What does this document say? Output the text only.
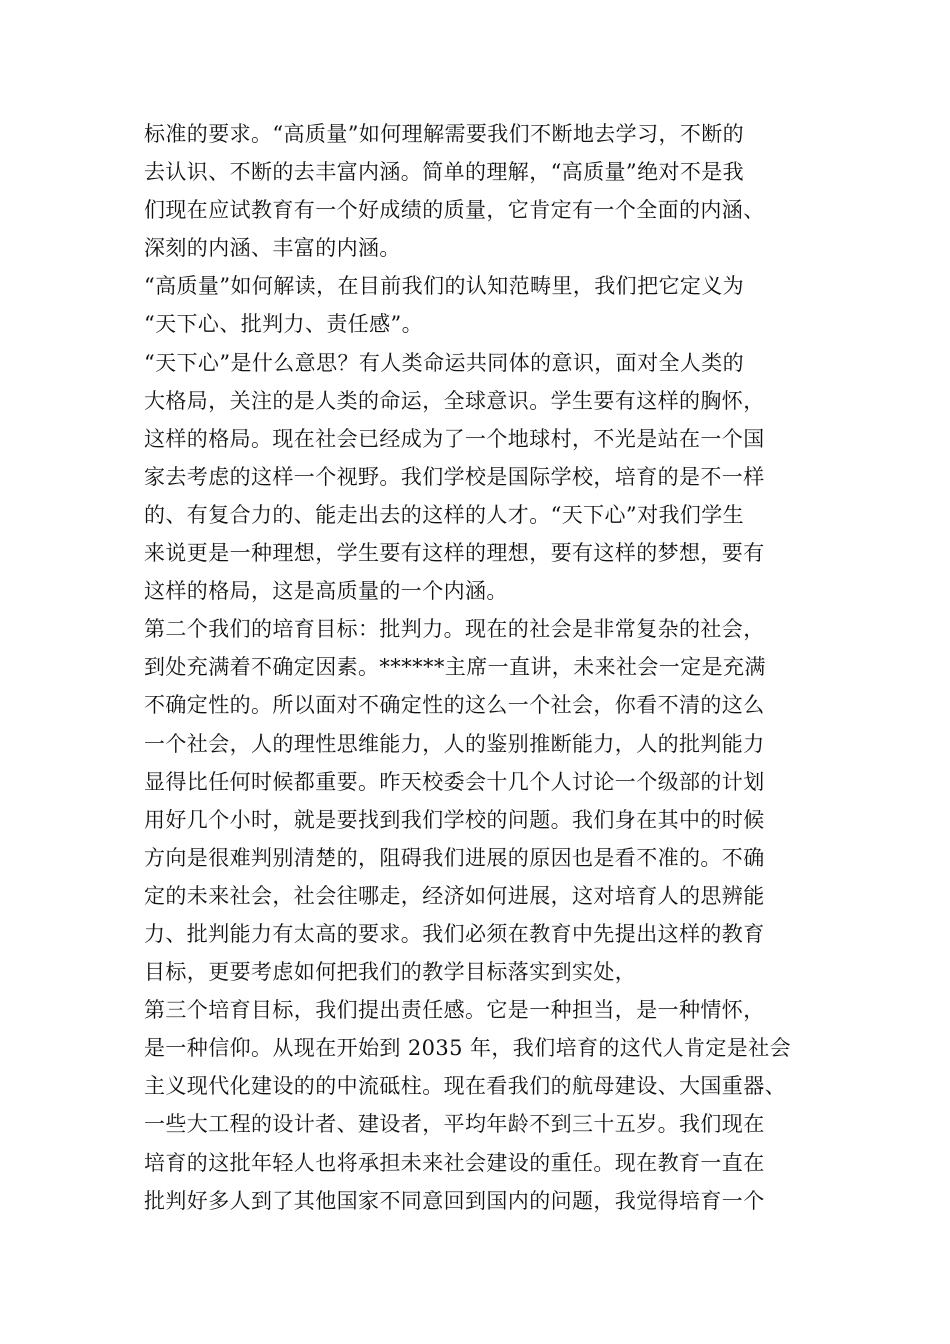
标准的要求。“高质量”如何理解需要我们不断地去学习，不断的
去认识、不断的去丰富内涵。简单的理解，“高质量”绝对不是我
们现在应试教育有一个好成绩的质量，它肯定有一个全面的内涵、
深刻的内涵、丰富的内涵。
“高质量”如何解读，在目前我们的认知范畴里，我们把它定义为
“天下心、批判力、责任感”。
“天下心”是什么意思？有人类命运共同体的意识，面对全人类的
大格局，关注的是人类的命运，全球意识。学生要有这样的胸怀，
这样的格局。现在社会已经成为了一个地球村，不光是站在一个国
家去考虑的这样一个视野。我们学校是国际学校，培育的是不一样
的、有复合力的、能走出去的这样的人才。“天下心”对我们学生
来说更是一种理想，学生要有这样的理想，要有这样的梦想，要有
这样的格局，这是高质量的一个内涵。
第二个我们的培育目标：批判力。现在的社会是非常复杂的社会，
到处充满着不确定因素。******主席一直讲，未来社会一定是充满
不确定性的。所以面对不确定性的这么一个社会，你看不清的这么
一个社会，人的理性思维能力，人的鉴别推断能力，人的批判能力
显得比任何时候都重要。昨天校委会十几个人讨论一个级部的计划
用好几个小时，就是要找到我们学校的问题。我们身在其中的时候
方向是很难判别清楚的，阻碍我们进展的原因也是看不准的。不确
定的未来社会，社会往哪走，经济如何进展，这对培育人的思辨能
力、批判能力有太高的要求。我们必须在教育中先提出这样的教育
目标，更要考虑如何把我们的教学目标落实到实处，
第三个培育目标，我们提出责任感。它是一种担当，是一种情怀，
是一种信仰。从现在开始到 2035 年，我们培育的这代人肯定是社会
主义现代化建设的的中流砥柱。现在看我们的航母建设、大国重器、
一些大工程的设计者、建设者，平均年龄不到三十五岁。我们现在
培育的这批年轻人也将承担未来社会建设的重任。现在教育一直在
批判好多人到了其他国家不同意回到国内的问题，我觉得培育一个
